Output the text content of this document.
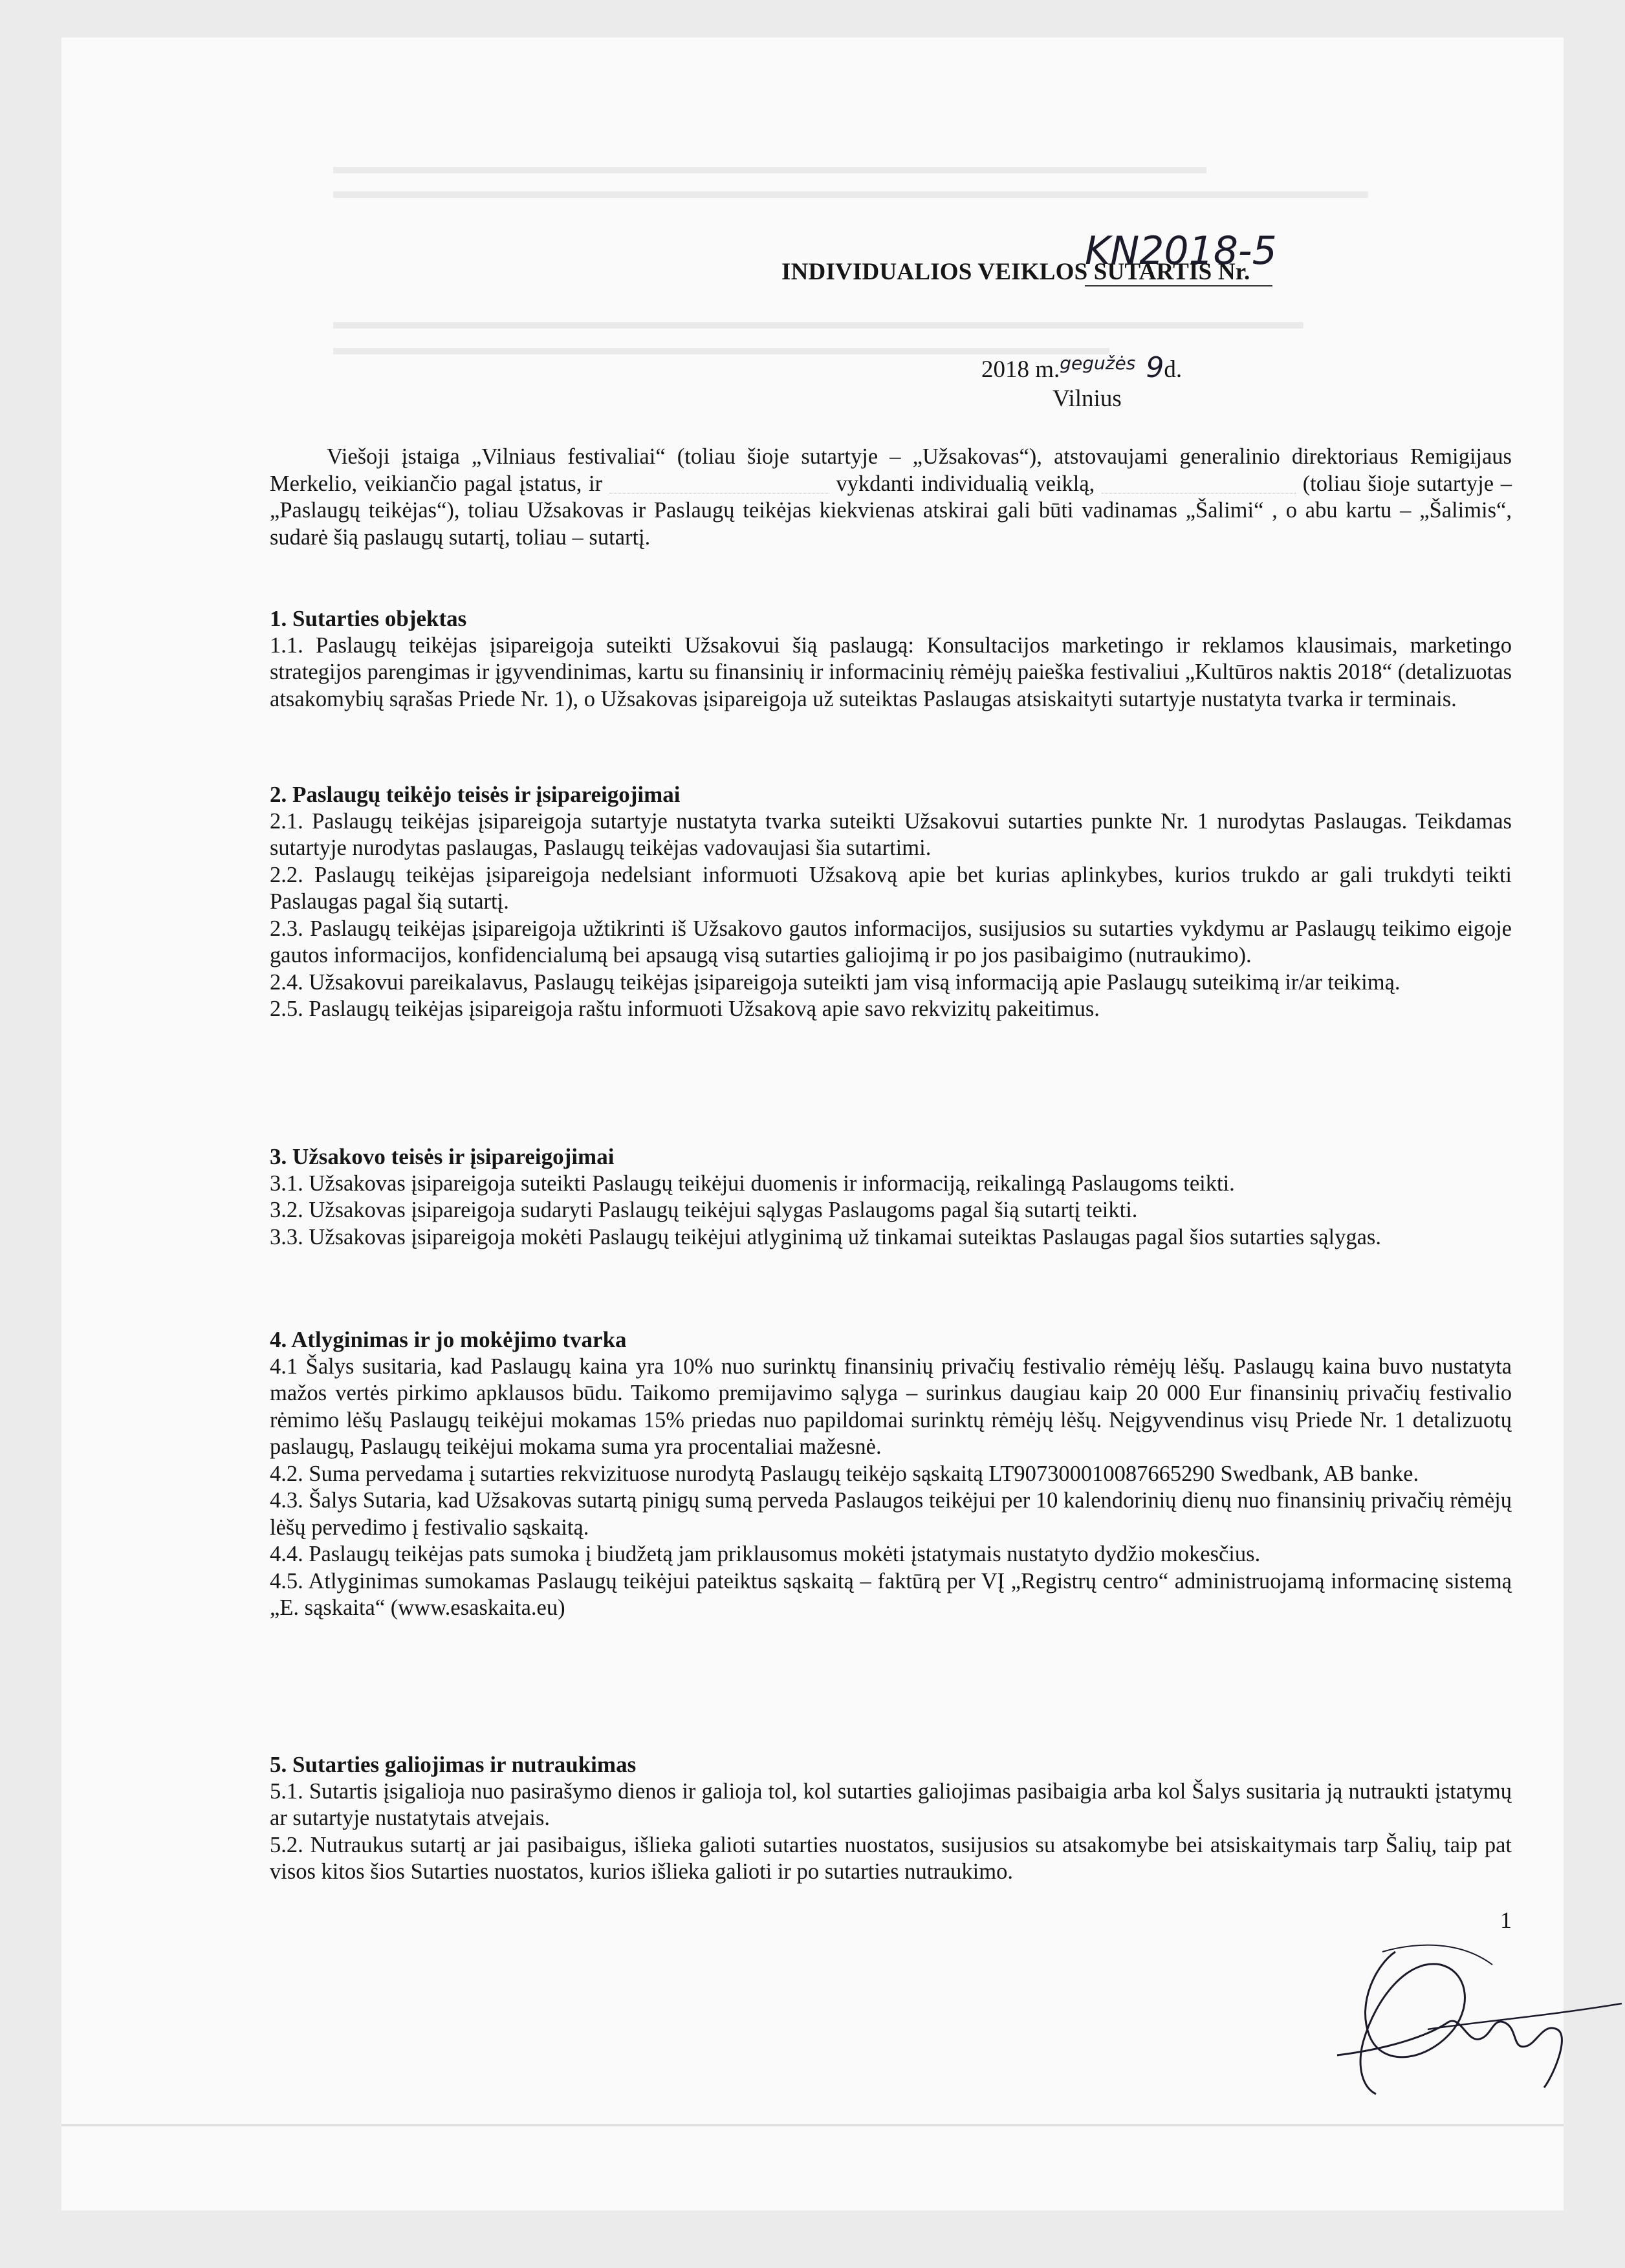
INDIVIDUALIOS VEIKLOS SUTARTIS Nr.
KN2018-5
2018 m.$^{gegužės}$ 9d.
Vilnius

Viešoji įstaiga „Vilniaus festivaliai“ (toliau šioje sutartyje – „Užsakovas“), atstovaujami generalinio direktoriaus Remigijaus Merkelio, veikiančio pagal įstatus, ir	vykdanti individualią veiklą,	(toliau šioje sutartyje – „Paslaugų teikėjas“), toliau Užsakovas ir Paslaugų teikėjas kiekvienas atskirai gali būti vadinamas „Šalimi“ , o abu kartu – „Šalimis“, sudarė šią paslaugų sutartį, toliau – sutartį.

1. Sutarties objektas

1.1. Paslaugų teikėjas įsipareigoja suteikti Užsakovui šią paslaugą: Konsultacijos marketingo ir reklamos klausimais, marketingo strategijos parengimas ir įgyvendinimas, kartu su finansinių ir informacinių rėmėjų paieška festivaliui „Kultūros naktis 2018“ (detalizuotas atsakomybių sąrašas Priede Nr. 1), o Užsakovas įsipareigoja už suteiktas Paslaugas atsiskaityti sutartyje nustatyta tvarka ir terminais.

2. Paslaugų teikėjo teisės ir įsipareigojimai

2.1. Paslaugų teikėjas įsipareigoja sutartyje nustatyta tvarka suteikti Užsakovui sutarties punkte Nr. 1 nurodytas Paslaugas. Teikdamas sutartyje nurodytas paslaugas, Paslaugų teikėjas vadovaujasi šia sutartimi.

2.2. Paslaugų teikėjas įsipareigoja nedelsiant informuoti Užsakovą apie bet kurias aplinkybes, kurios trukdo ar gali trukdyti teikti Paslaugas pagal šią sutartį.

2.3. Paslaugų teikėjas įsipareigoja užtikrinti iš Užsakovo gautos informacijos, susijusios su sutarties vykdymu ar Paslaugų teikimo eigoje gautos informacijos, konfidencialumą bei apsaugą visą sutarties galiojimą ir po jos pasibaigimo (nutraukimo).

2.4. Užsakovui pareikalavus, Paslaugų teikėjas įsipareigoja suteikti jam visą informaciją apie Paslaugų suteikimą ir/ar teikimą.

2.5. Paslaugų teikėjas įsipareigoja raštu informuoti Užsakovą apie savo rekvizitų pakeitimus.

3. Užsakovo teisės ir įsipareigojimai

3.1. Užsakovas įsipareigoja suteikti Paslaugų teikėjui duomenis ir informaciją, reikalingą Paslaugoms teikti.

3.2. Užsakovas įsipareigoja sudaryti Paslaugų teikėjui sąlygas Paslaugoms pagal šią sutartį teikti.

3.3. Užsakovas įsipareigoja mokėti Paslaugų teikėjui atlyginimą už tinkamai suteiktas Paslaugas pagal šios sutarties sąlygas.

4. Atlyginimas ir jo mokėjimo tvarka

4.1 Šalys susitaria, kad Paslaugų kaina yra 10% nuo surinktų finansinių privačių festivalio rėmėjų lėšų. Paslaugų kaina buvo nustatyta mažos vertės pirkimo apklausos būdu. Taikomo premijavimo sąlyga – surinkus daugiau kaip 20 000 Eur finansinių privačių festivalio rėmimo lėšų Paslaugų teikėjui mokamas 15% priedas nuo papildomai surinktų rėmėjų lėšų. Neįgyvendinus visų Priede Nr. 1 detalizuotų paslaugų, Paslaugų teikėjui mokama suma yra procentaliai mažesnė.

4.2. Suma pervedama į sutarties rekvizituose nurodytą Paslaugų teikėjo sąskaitą LT907300010087665290 Swedbank, AB banke.

4.3. Šalys Sutaria, kad Užsakovas sutartą pinigų sumą perveda Paslaugos teikėjui per 10 kalendorinių dienų nuo finansinių privačių rėmėjų lėšų pervedimo į festivalio sąskaitą.

4.4. Paslaugų teikėjas pats sumoka į biudžetą jam priklausomus mokėti įstatymais nustatyto dydžio mokesčius.

4.5. Atlyginimas sumokamas Paslaugų teikėjui pateiktus sąskaitą – faktūrą per VĮ „Registrų centro“ administruojamą informacinę sistemą „E. sąskaita“ (www.esaskaita.eu)

5. Sutarties galiojimas ir nutraukimas

5.1. Sutartis įsigalioja nuo pasirašymo dienos ir galioja tol, kol sutarties galiojimas pasibaigia arba kol Šalys susitaria ją nutraukti įstatymų ar sutartyje nustatytais atvejais.

5.2. Nutraukus sutartį ar jai pasibaigus, išlieka galioti sutarties nuostatos, susijusios su atsakomybe bei atsiskaitymais tarp Šalių, taip pat visos kitos šios Sutarties nuostatos, kurios išlieka galioti ir po sutarties nutraukimo.

1
